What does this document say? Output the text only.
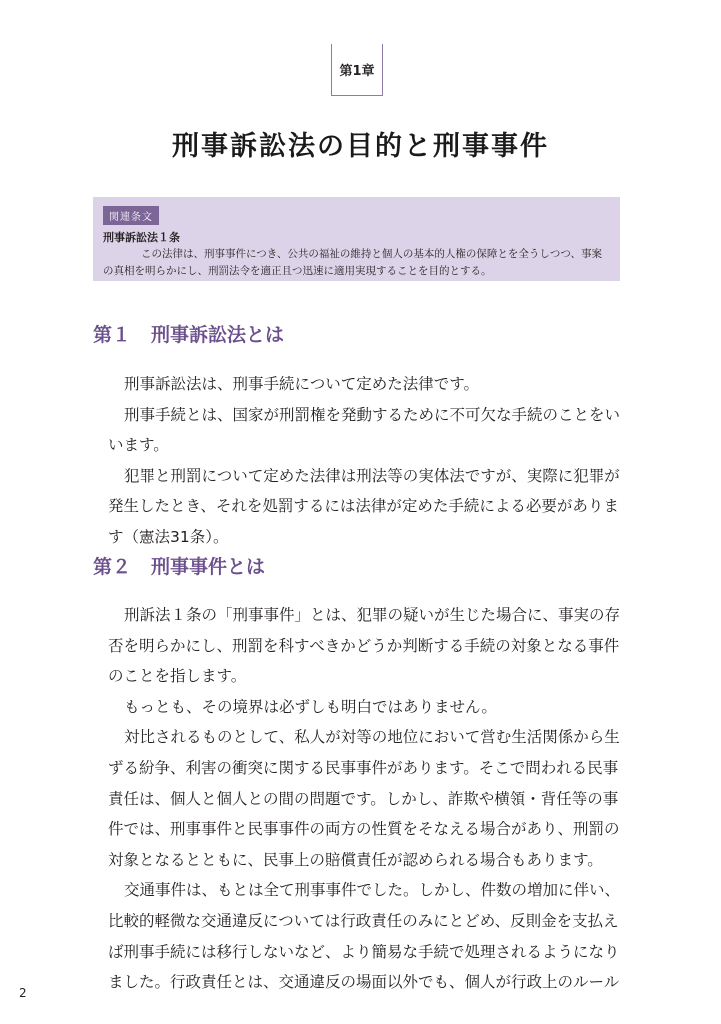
第1章
刑事訴訟法の目的と刑事事件
関連条文
刑事訴訟法１条
この法律は、刑事事件につき、公共の福祉の維持と個人の基本的人権の保障とを全うしつつ、事案
の真相を明らかにし、刑罰法令を適正且つ迅速に適用実現することを目的とする。
第１ 刑事訴訟法とは
刑事訴訟法は、刑事手続について定めた法律です。
刑事手続とは、国家が刑罰権を発動するために不可欠な手続のことをい
います。
犯罪と刑罰について定めた法律は刑法等の実体法ですが、実際に犯罪が
発生したとき、それを処罰するには法律が定めた手続による必要がありま
す（憲法31条）。
第２ 刑事事件とは
刑訴法１条の「刑事事件」とは、犯罪の疑いが生じた場合に、事実の存
否を明らかにし、刑罰を科すべきかどうか判断する手続の対象となる事件
のことを指します。
もっとも、その境界は必ずしも明白ではありません。
対比されるものとして、私人が対等の地位において営む生活関係から生
ずる紛争、利害の衝突に関する民事事件があります。そこで問われる民事
責任は、個人と個人との間の問題です。しかし、詐欺や横領・背任等の事
件では、刑事事件と民事事件の両方の性質をそなえる場合があり、刑罰の
対象となるとともに、民事上の賠償責任が認められる場合もあります。
交通事件は、もとは全て刑事事件でした。しかし、件数の増加に伴い、
比較的軽微な交通違反については行政責任のみにとどめ、反則金を支払え
ば刑事手続には移行しないなど、より簡易な手続で処理されるようになり
ました。行政責任とは、交通違反の場面以外でも、個人が行政上のルール
2
